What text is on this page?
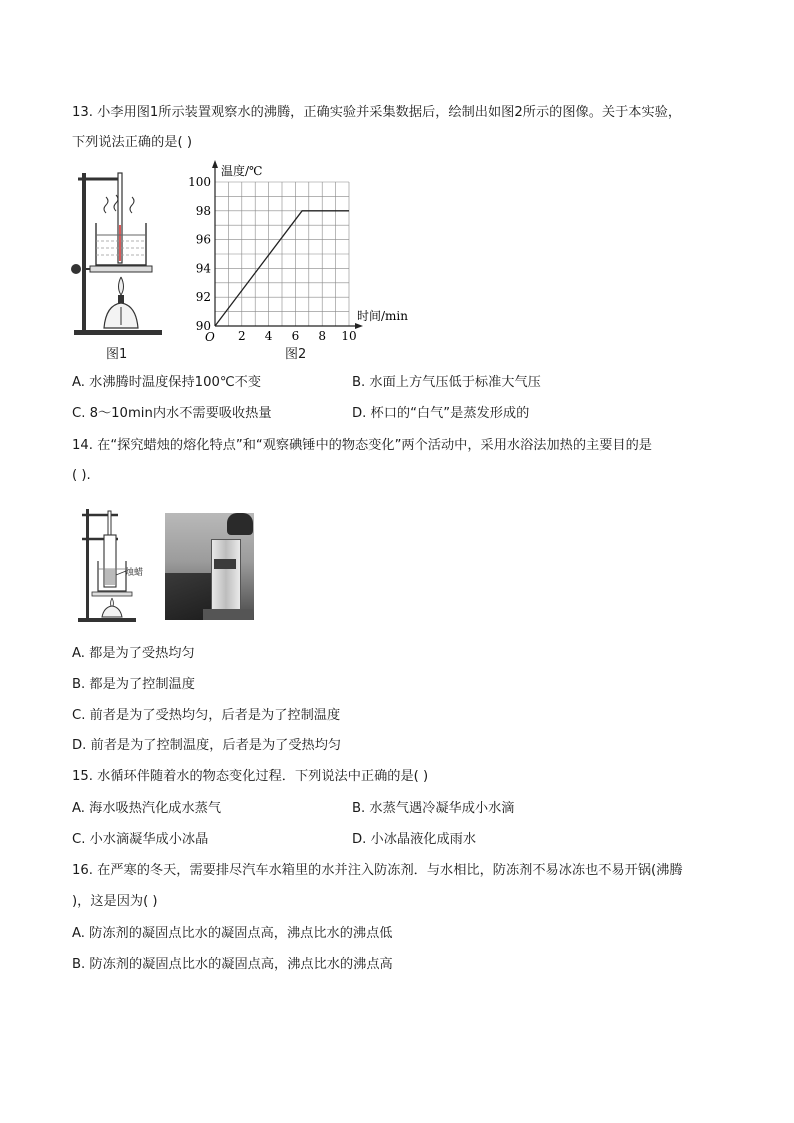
13. 小李用图1所示装置观察水的沸腾，正确实验并采集数据后，绘制出如图2所示的图像。关于本实验，
下列说法正确的是( )
图1
2 4 6 8 10
90
92
94
96
98
100
温度/℃
时间/min
O
图2
A. 水沸腾时温度保持100℃不变	B. 水面上方气压低于标准大气压
C. 8～10min内水不需要吸收热量	D. 杯口的“白气”是蒸发形成的
14. 在“探究蜡烛的熔化特点”和“观察碘锤中的物态变化”两个活动中，采用水浴法加热的主要目的是
( ).
烛蜡
A. 都是为了受热均匀
B. 都是为了控制温度
C. 前者是为了受热均匀，后者是为了控制温度
D. 前者是为了控制温度，后者是为了受热均匀
15. 水循环伴随着水的物态变化过程．下列说法中正确的是( )
A. 海水吸热汽化成水蒸气	B. 水蒸气遇冷凝华成小水滴
C. 小水滴凝华成小冰晶	D. 小冰晶液化成雨水
16. 在严寒的冬天，需要排尽汽车水箱里的水并注入防冻剂．与水相比，防冻剂不易冰冻也不易开锅(沸腾
)，这是因为( )
A. 防冻剂的凝固点比水的凝固点高，沸点比水的沸点低
B. 防冻剂的凝固点比水的凝固点高，沸点比水的沸点高
